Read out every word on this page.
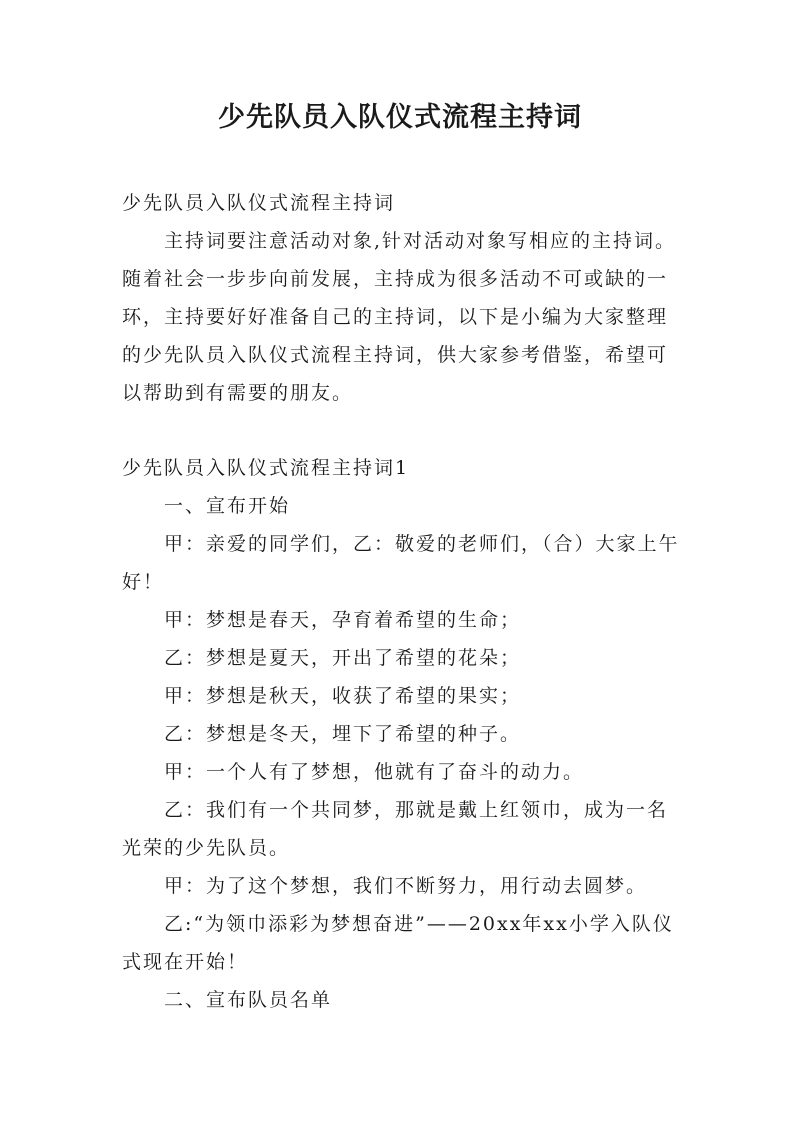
少先队员入队仪式流程主持词

少先队员入队仪式流程主持词

主持词要注意活动对象,针对活动对象写相应的主持词。随着社会一步步向前发展，主持成为很多活动不可或缺的一环，主持要好好准备自己的主持词，以下是小编为大家整理的少先队员入队仪式流程主持词，供大家参考借鉴，希望可以帮助到有需要的朋友。

少先队员入队仪式流程主持词1

一、宣布开始

甲：亲爱的同学们，乙：敬爱的老师们，（合）大家上午好！

甲：梦想是春天，孕育着希望的生命；

乙：梦想是夏天，开出了希望的花朵；

甲：梦想是秋天，收获了希望的果实；

乙：梦想是冬天，埋下了希望的种子。

甲：一个人有了梦想，他就有了奋斗的动力。

乙：我们有一个共同梦，那就是戴上红领巾，成为一名光荣的少先队员。

甲：为了这个梦想，我们不断努力，用行动去圆梦。

乙:“为领巾添彩为梦想奋进”——20xx年xx小学入队仪式现在开始！

二、宣布队员名单
